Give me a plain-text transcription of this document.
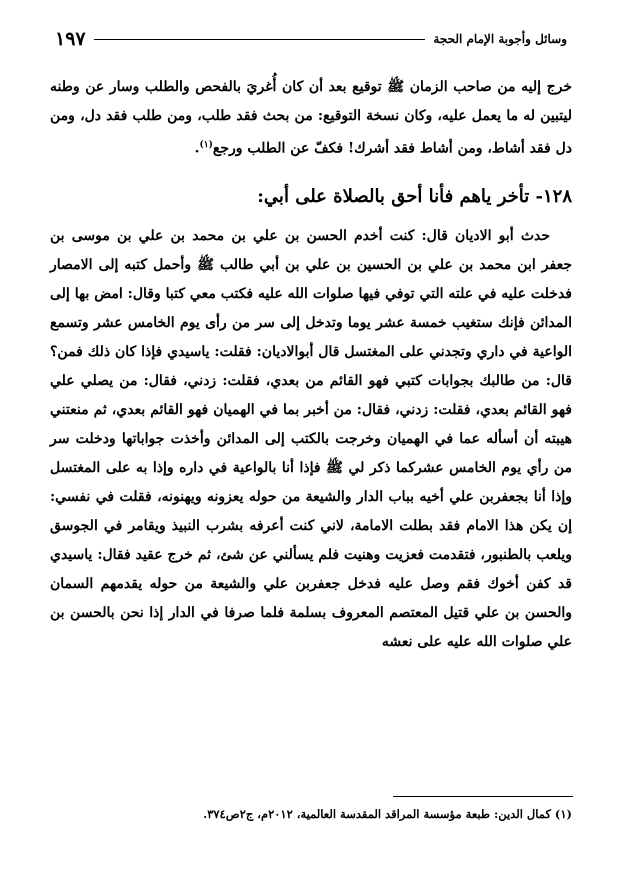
وسائل وأجوبة الإمام الحجة
١٩٧

خرج إليه من صاحب الزمان ﷺ توقيع بعد أن كان أُغريَ بالفحص والطلب وسار عن وطنه ليتبين له ما يعمل عليه، وكان نسخة التوقيع: من بحث فقد طلب، ومن طلب فقد دل، ومن دل فقد أشاط، ومن أشاط فقد أشرك! فكفّ عن الطلب ورجع$^{(١)}$.

١٢٨- تأخر ياهم فأنا أحق بالصلاة على أبي:

حدث أبو الاديان قال: كنت أخدم الحسن بن علي بن محمد بن علي بن موسى بن جعفر ابن محمد بن علي بن الحسين بن علي بن أبي طالب ﷺ وأحمل كتبه إلى الامصار فدخلت عليه في علته التي توفي فيها صلوات الله عليه فكتب معي كتبا وقال: امض بها إلى المدائن فإنك ستغيب خمسة عشر يوما وتدخل إلى سر من رأى يوم الخامس عشر وتسمع الواعية في داري وتجدني على المغتسل قال أبوالاديان: فقلت: ياسيدي فإذا كان ذلك فمن؟ قال: من طالبك بجوابات كتبي فهو القائم من بعدي، فقلت: زدني، فقال: من يصلي علي فهو القائم بعدي، فقلت: زدني، فقال: من أخبر بما في الهميان فهو القائم بعدي، ثم منعتني هيبته أن أسأله عما في الهميان وخرجت بالكتب إلى المدائن وأخذت جواباتها ودخلت سر من رأي يوم الخامس عشركما ذكر لي ﷺ فإذا أنا بالواعية في داره وإذا به على المغتسل وإذا أنا بجعفربن علي أخيه بباب الدار والشيعة من حوله يعزونه ويهنونه، فقلت في نفسي: إن يكن هذا الامام فقد بطلت الامامة، لاني كنت أعرفه بشرب النبيذ ويقامر في الجوسق ويلعب بالطنبور، فتقدمت فعزيت وهنيت فلم يسألني عن شئ، ثم خرج عقيد فقال: ياسيدي قد كفن أخوك فقم وصل عليه فدخل جعفربن علي والشيعة من حوله يقدمهم السمان والحسن بن علي قتيل المعتصم المعروف بسلمة فلما صرفا في الدار إذا نحن بالحسن بن علي صلوات الله عليه على نعشه

(١) كمال الدين: طبعة مؤسسة المراقد المقدسة العالمية، ٢٠١٢م، ج٢ص٣٧٤.
